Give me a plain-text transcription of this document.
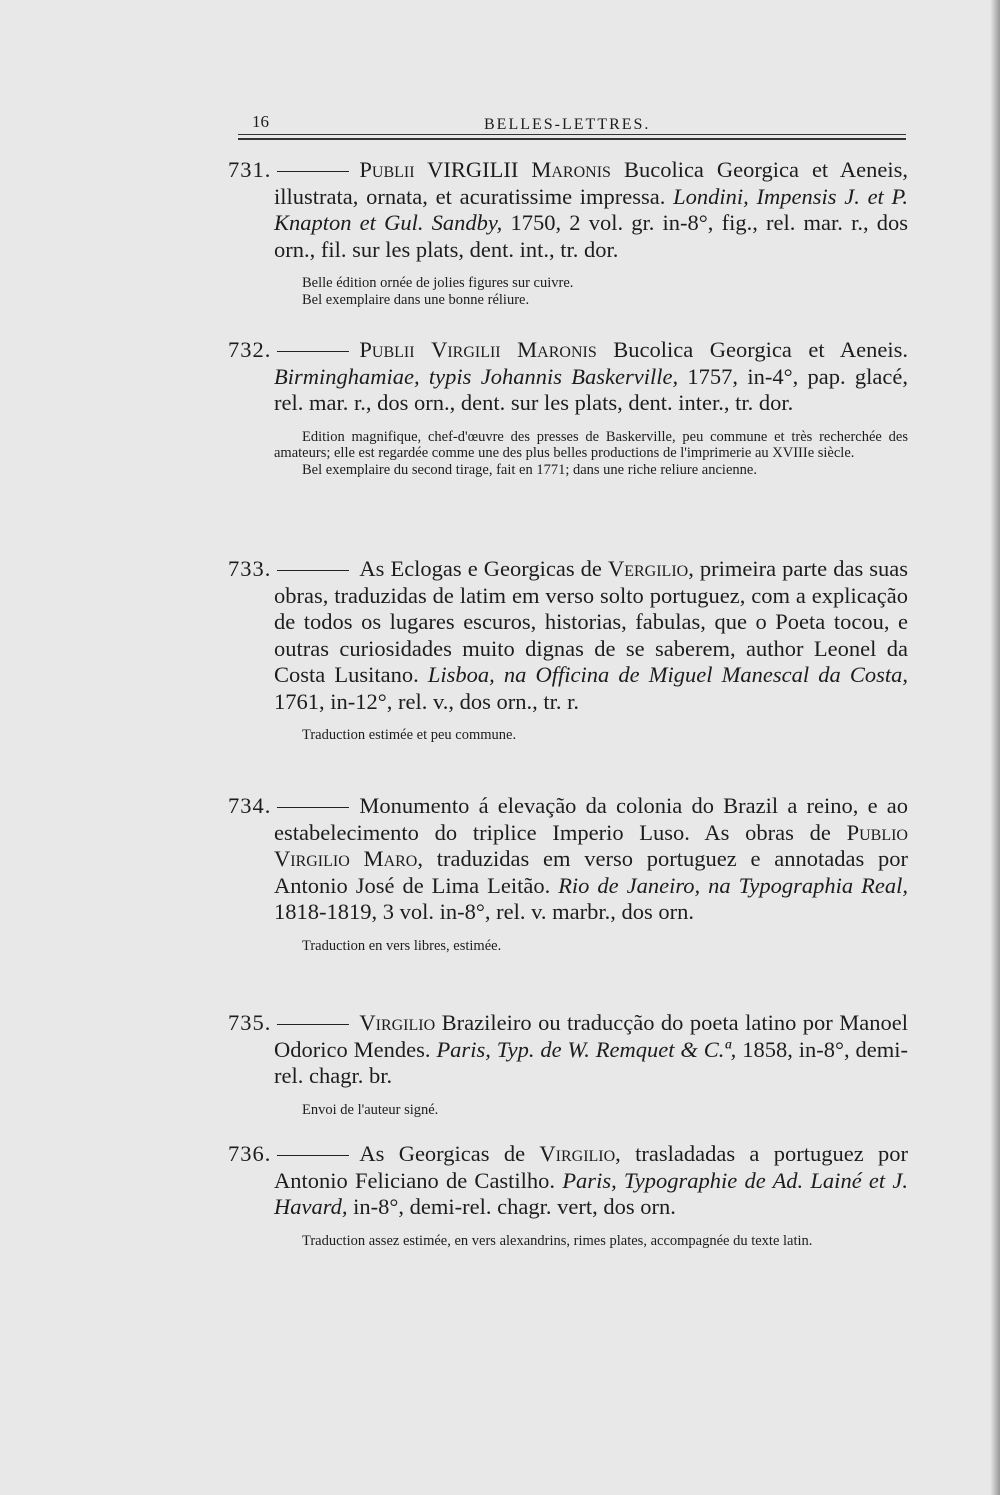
16	BELLES-LETTRES.

731.	Publii VIRGILII Maronis Bucolica Georgica et Aeneis, illustrata, ornata, et acuratissime impressa. Londini, Impensis J. et P. Knapton et Gul. Sandby, 1750, 2 vol. gr. in-8°, fig., rel. mar. r., dos orn., fil. sur les plats, dent. int., tr. dor.

Belle édition ornée de jolies figures sur cuivre.

Bel exemplaire dans une bonne réliure.

732.	Publii Virgilii Maronis Bucolica Georgica et Aeneis. Birminghamiae, typis Johannis Baskerville, 1757, in-4°, pap. glacé, rel. mar. r., dos orn., dent. sur les plats, dent. inter., tr. dor.

Edition magnifique, chef-d'œuvre des presses de Baskerville, peu commune et très recherchée des amateurs; elle est regardée comme une des plus belles productions de l'imprimerie au XVIIIe siècle.

Bel exemplaire du second tirage, fait en 1771; dans une riche reliure ancienne.

733.	As Eclogas e Georgicas de Vergilio, primeira parte das suas obras, traduzidas de latim em verso solto portuguez, com a explicação de todos os lugares escuros, historias, fabulas, que o Poeta tocou, e outras curiosidades muito dignas de se saberem, author Leonel da Costa Lusitano. Lisboa, na Officina de Miguel Manescal da Costa, 1761, in-12°, rel. v., dos orn., tr. r.

Traduction estimée et peu commune.

734.	Monumento á elevação da colonia do Brazil a reino, e ao estabelecimento do triplice Imperio Luso. As obras de Publio Virgilio Maro, traduzidas em verso portuguez e annotadas por Antonio José de Lima Leitão. Rio de Janeiro, na Typographia Real, 1818-1819, 3 vol. in-8°, rel. v. marbr., dos orn.

Traduction en vers libres, estimée.

735.	Virgilio Brazileiro ou traducção do poeta latino por Manoel Odorico Mendes. Paris, Typ. de W. Remquet & C.ª, 1858, in-8°, demi-rel. chagr. br.

Envoi de l'auteur signé.

736.	As Georgicas de Virgilio, trasladadas a portuguez por Antonio Feliciano de Castilho. Paris, Typographie de Ad. Lainé et J. Havard, in-8°, demi-rel. chagr. vert, dos orn.

Traduction assez estimée, en vers alexandrins, rimes plates, accompagnée du texte latin.
